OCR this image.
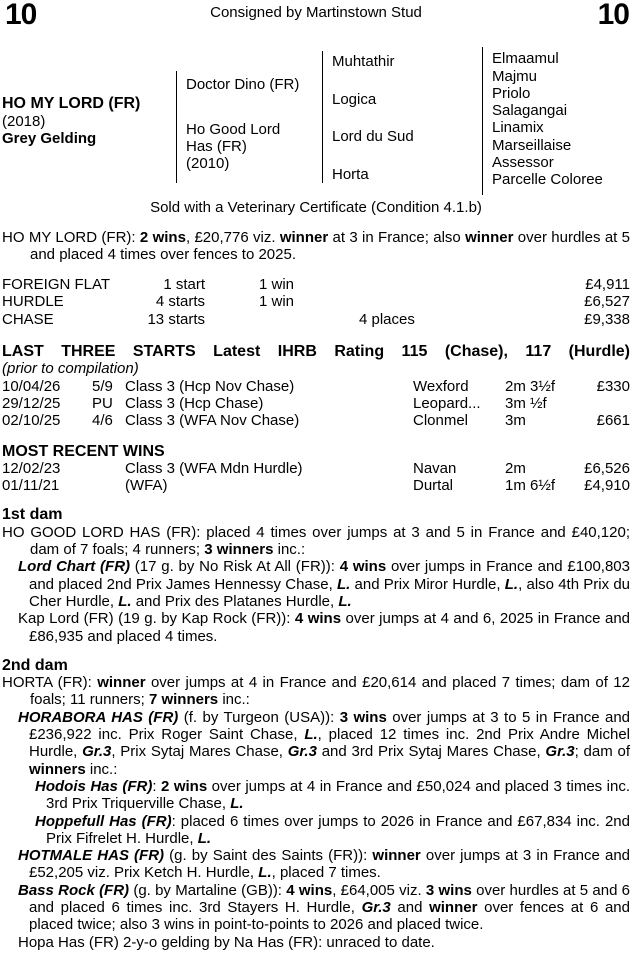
10	10
Consigned by Martinstown Stud
HO MY LORD (FR)
(2018)
Grey Gelding
Doctor Dino (FR)
Ho Good Lord
Has (FR)
(2010)
Muhtathir
Logica
Lord du Sud
Horta
Elmaamul
Majmu
Priolo
Salagangai
Linamix
Marseillaise
Assessor
Parcelle Coloree
Sold with a Veterinary Certificate (Condition 4.1.b)
HO MY LORD (FR): 2 wins, £20,776 viz. winner at 3 in France; also winner over hurdles at 5 and placed 4 times over fences to 2025.
FOREIGN FLAT	1 start	1 win	£4,911
HURDLE	4 starts	1 win	£6,527
CHASE	13 starts	4 places	£9,338
LAST THREE STARTS Latest IHRB Rating 115 (Chase), 117 (Hurdle)
(prior to compilation)
10/04/26	5/9 Class 3 (Hcp Nov Chase)	Wexford	2m 3½f	£330
29/12/25	PU Class 3 (Hcp Chase)	Leopard...	3m ½f
02/10/25	4/6 Class 3 (WFA Nov Chase)	Clonmel	3m	£661
MOST RECENT WINS
12/02/23	Class 3 (WFA Mdn Hurdle)	Navan	2m	£6,526
01/11/21	(WFA)	Durtal	1m 6½f	£4,910
1st dam
HO GOOD LORD HAS (FR): placed 4 times over jumps at 3 and 5 in France and £40,120; dam of 7 foals; 4 runners; 3 winners inc.:
Lord Chart (FR) (17 g. by No Risk At All (FR)): 4 wins over jumps in France and £100,803 and placed 2nd Prix James Hennessy Chase, L. and Prix Miror Hurdle, L., also 4th Prix du Cher Hurdle, L. and Prix des Platanes Hurdle, L.
Kap Lord (FR) (19 g. by Kap Rock (FR)): 4 wins over jumps at 4 and 6, 2025 in France and £86,935 and placed 4 times.
2nd dam
HORTA (FR): winner over jumps at 4 in France and £20,614 and placed 7 times; dam of 12 foals; 11 runners; 7 winners inc.:
HORABORA HAS (FR) (f. by Turgeon (USA)): 3 wins over jumps at 3 to 5 in France and £236,922 inc. Prix Roger Saint Chase, L., placed 12 times inc. 2nd Prix Andre Michel Hurdle, Gr.3, Prix Sytaj Mares Chase, Gr.3 and 3rd Prix Sytaj Mares Chase, Gr.3; dam of winners inc.:
Hodois Has (FR): 2 wins over jumps at 4 in France and £50,024 and placed 3 times inc. 3rd Prix Triquerville Chase, L.
Hoppefull Has (FR): placed 6 times over jumps to 2026 in France and £67,834 inc. 2nd Prix Fifrelet H. Hurdle, L.
HOTMALE HAS (FR) (g. by Saint des Saints (FR)): winner over jumps at 3 in France and £52,205 viz. Prix Ketch H. Hurdle, L., placed 7 times.
Bass Rock (FR) (g. by Martaline (GB)): 4 wins, £64,005 viz. 3 wins over hurdles at 5 and 6 and placed 6 times inc. 3rd Stayers H. Hurdle, Gr.3 and winner over fences at 6 and placed twice; also 3 wins in point-to-points to 2026 and placed twice.
Hopa Has (FR) 2-y-o gelding by Na Has (FR): unraced to date.
